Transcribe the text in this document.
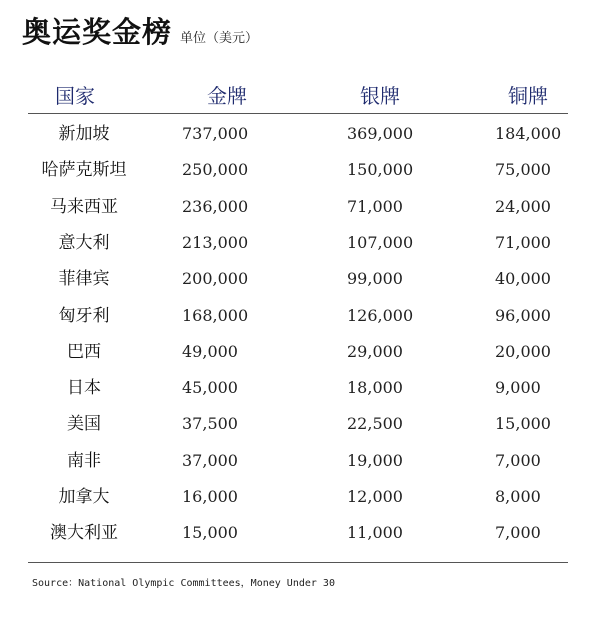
奥运奖金榜 单位（美元）
国家	金牌	银牌	铜牌
新加坡	737,000	369,000	184,000
哈萨克斯坦	250,000	150,000	75,000
马来西亚	236,000	71,000	24,000
意大利	213,000	107,000	71,000
菲律宾	200,000	99,000	40,000
匈牙利	168,000	126,000	96,000
巴西	49,000	29,000	20,000
日本	45,000	18,000	9,000
美国	37,500	22,500	15,000
南非	37,000	19,000	7,000
加拿大	16,000	12,000	8,000
澳大利亚	15,000	11,000	7,000
Source：National Olympic Committees，Money Under 30
